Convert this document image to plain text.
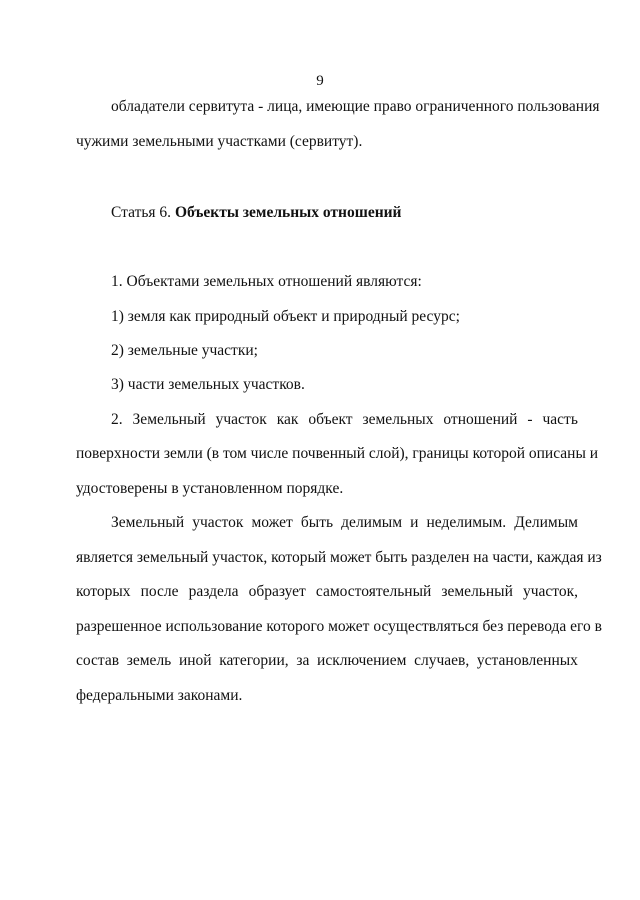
9
обладатели сервитута - лица, имеющие право ограниченного пользования
чужими земельными участками (сервитут).
Статья 6. Объекты земельных отношений
1. Объектами земельных отношений являются:
1) земля как природный объект и природный ресурс;
2) земельные участки;
3) части земельных участков.
2. Земельный участок как объект земельных отношений - часть
поверхности земли (в том числе почвенный слой), границы которой описаны и
удостоверены в установленном порядке.
Земельный участок может быть делимым и неделимым. Делимым
является земельный участок, который может быть разделен на части, каждая из
которых после раздела образует самостоятельный земельный участок,
разрешенное использование которого может осуществляться без перевода его в
состав земель иной категории, за исключением случаев, установленных
федеральными законами.
